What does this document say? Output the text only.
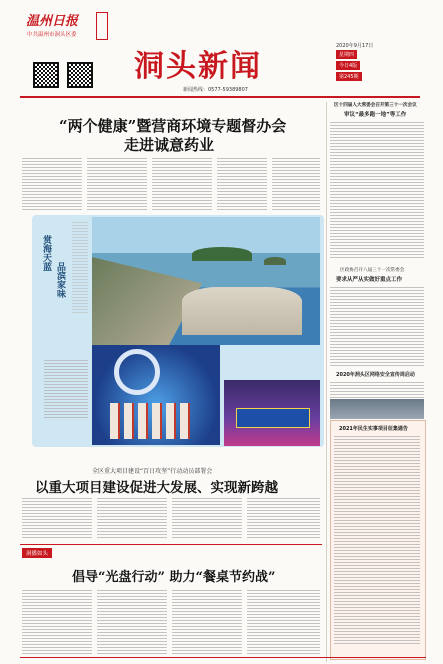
温州日报
中共温州市洞头区委
洞头新闻
2020年9月17日
星期四
今日4版
第245期
新闻热线：0577-59389807
“两个健康”暨营商环境专题督办会
走进诚意药业
区十四届人大常委会召开第三十一次会议
审议“最多跑一地”等工作
区政协召开八届三十一次常委会
要求从严从实做好重点工作
2020年洞头区网络安全宣传周启动
2021年民生实事项目征集通告
赏海天蓝
品滨家味
全区重大项目建设“百日攻坚”行动动员部署会
以重大项目建设促进大发展、实现新跨越
洞播如头
倡导“光盘行动” 助力“餐桌节约战”
